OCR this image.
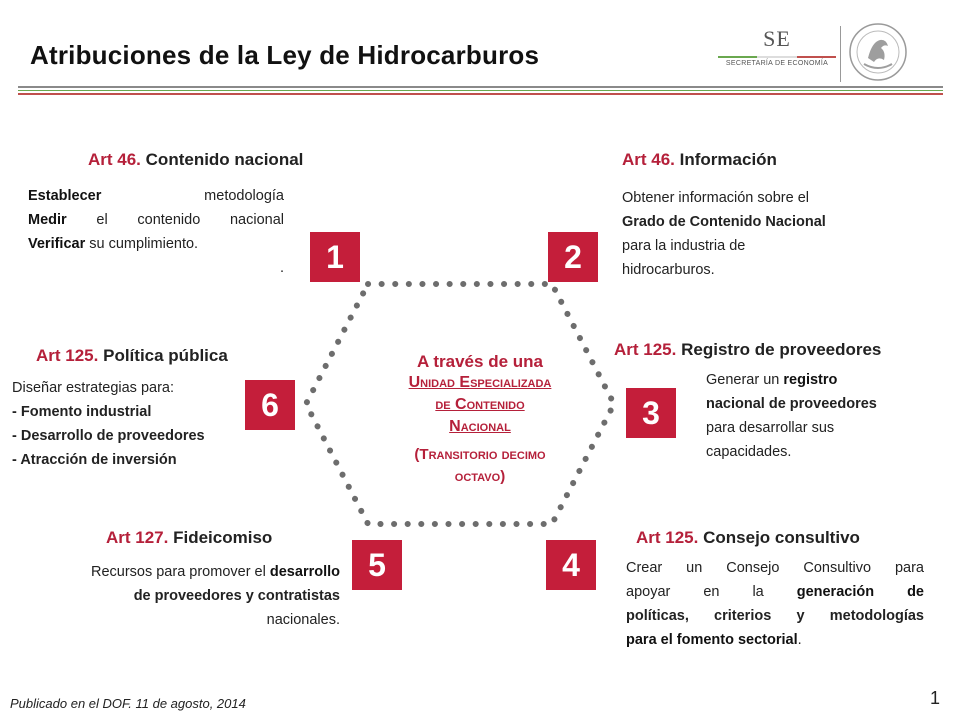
Atribuciones de la Ley de Hidrocarburos
SE
SECRETARÍA DE ECONOMÍA
1	2
3
4
5
6
A través de una
Unidad Especializada
de Contenido
Nacional
(Transitorio decimo
octavo)
Art 46. Contenido nacional
Establecer  metodología
Medir el contenido nacional
Verificar su cumplimiento.
.
Art 46. Información
Obtener información sobre el
Grado de Contenido Nacional
para la industria de
hidrocarburos.
Art 125. Registro de proveedores
Generar un registro
nacional de proveedores
para desarrollar sus
capacidades.
Art 125. Consejo consultivo
Crear un Consejo Consultivo para
apoyar en la generación de
políticas, criterios y metodologías
para el fomento sectorial.
Art 127. Fideicomiso
Recursos para promover el desarrollo
de proveedores y contratistas
nacionales.
Art 125. Política pública
Diseñar estrategias para:
- Fomento industrial
- Desarrollo de proveedores
- Atracción de inversión
Publicado en el DOF. 11 de agosto, 2014	1
